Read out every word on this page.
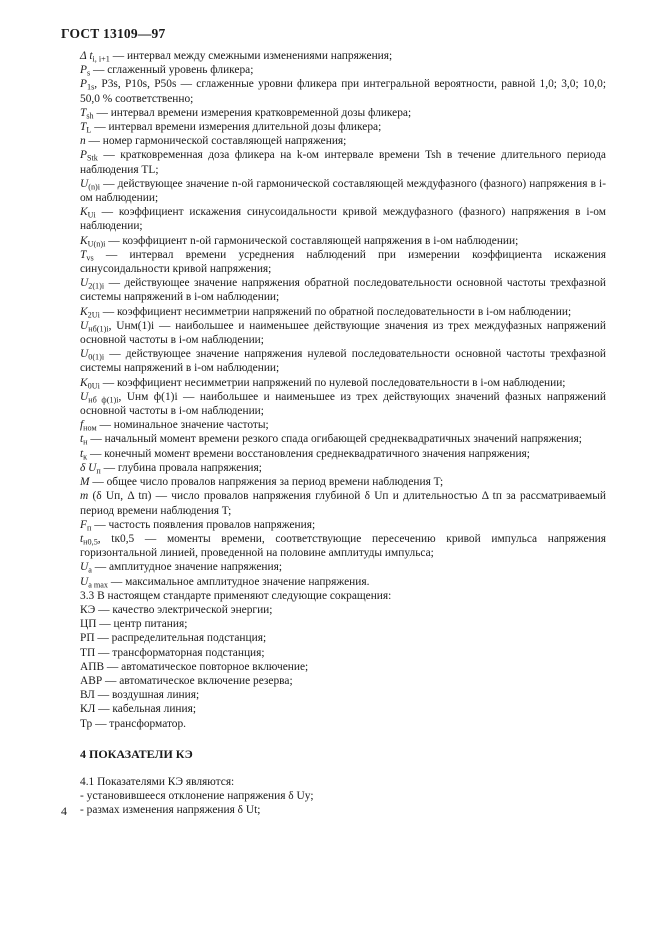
ГОСТ 13109—97
Δ $t_{i, i+1}$ — интервал между смежными изменениями напряжения;
$P_s$ — сглаженный уровень фликера;
$P_{1s}$, P3s, P10s, P50s — сглаженные уровни фликера при интегральной вероятности, равной 1,0; 3,0; 10,0; 50,0 % соответственно;
$T_{sh}$ — интервал времени измерения кратковременной дозы фликера;
$T_L$ — интервал времени измерения длительной дозы фликера;
n — номер гармонической составляющей напряжения;
$P_{Stk}$ — кратковременная доза фликера на k-ом интервале времени Tsh в течение длительного периода наблюдения TL;
$U_{(n)i}$ — действующее значение n-ой гармонической составляющей междуфазного (фазного) напряжения в i-ом наблюдении;
$K_{Ui}$ — коэффициент искажения синусоидальности кривой междуфазного (фазного) напряжения в i-ом наблюдении;
$K_{U(n)i}$ — коэффициент n-ой гармонической составляющей напряжения в i-ом наблюдении;
$T_{vs}$ — интервал времени усреднения наблюдений при измерении коэффициента искажения синусоидальности кривой напряжения;
$U_{2(1)i}$ — действующее значение напряжения обратной последовательности основной частоты трехфазной системы напряжений в i-ом наблюдении;
$K_{2Ui}$ — коэффициент несимметрии напряжений по обратной последовательности в i-ом наблюдении;
$U_{нб(1)i}$, Uнм(1)i — наибольшее и наименьшее действующие значения из трех междуфазных напряжений основной частоты в i-ом наблюдении;
$U_{0(1)i}$ — действующее значение напряжения нулевой последовательности основной частоты трехфазной системы напряжений в i-ом наблюдении;
$K_{0Ui}$ — коэффициент несимметрии напряжений по нулевой последовательности в i-ом наблюдении;
$U_{нб ф(1)i}$, Uнм ф(1)i — наибольшее и наименьшее из трех действующих значений фазных напряжений основной частоты в i-ом наблюдении;
$f_{ном}$ — номинальное значение частоты;
$t_н$ — начальный момент времени резкого спада огибающей среднеквадратичных значений напряжения;
$t_к$ — конечный момент времени восстановления среднеквадратичного значения напряжения;
δ $U_п$ — глубина провала напряжения;
M — общее число провалов напряжения за период времени наблюдения T;
m (δ Uп, Δ tп) — число провалов напряжения глубиной δ Uп и длительностью Δ tп за рассматриваемый период времени наблюдения T;
$F_п$ — частость появления провалов напряжения;
$t_{н0,5}$, tк0,5 — моменты времени, соответствующие пересечению кривой импульса напряжения горизонтальной линией, проведенной на половине амплитуды импульса;
$U_а$ — амплитудное значение напряжения;
$U_{а max}$ — максимальное амплитудное значение напряжения.
3.3 В настоящем стандарте применяют следующие сокращения:
КЭ — качество электрической энергии;
ЦП — центр питания;
РП — распределительная подстанция;
ТП — трансформаторная подстанция;
АПВ — автоматическое повторное включение;
АВР — автоматическое включение резерва;
ВЛ — воздушная линия;
КЛ — кабельная линия;
Тр — трансформатор.
4 ПОКАЗАТЕЛИ КЭ
4.1 Показателями КЭ являются:
- установившееся отклонение напряжения δ Uy;
- размах изменения напряжения δ Ut;
4
